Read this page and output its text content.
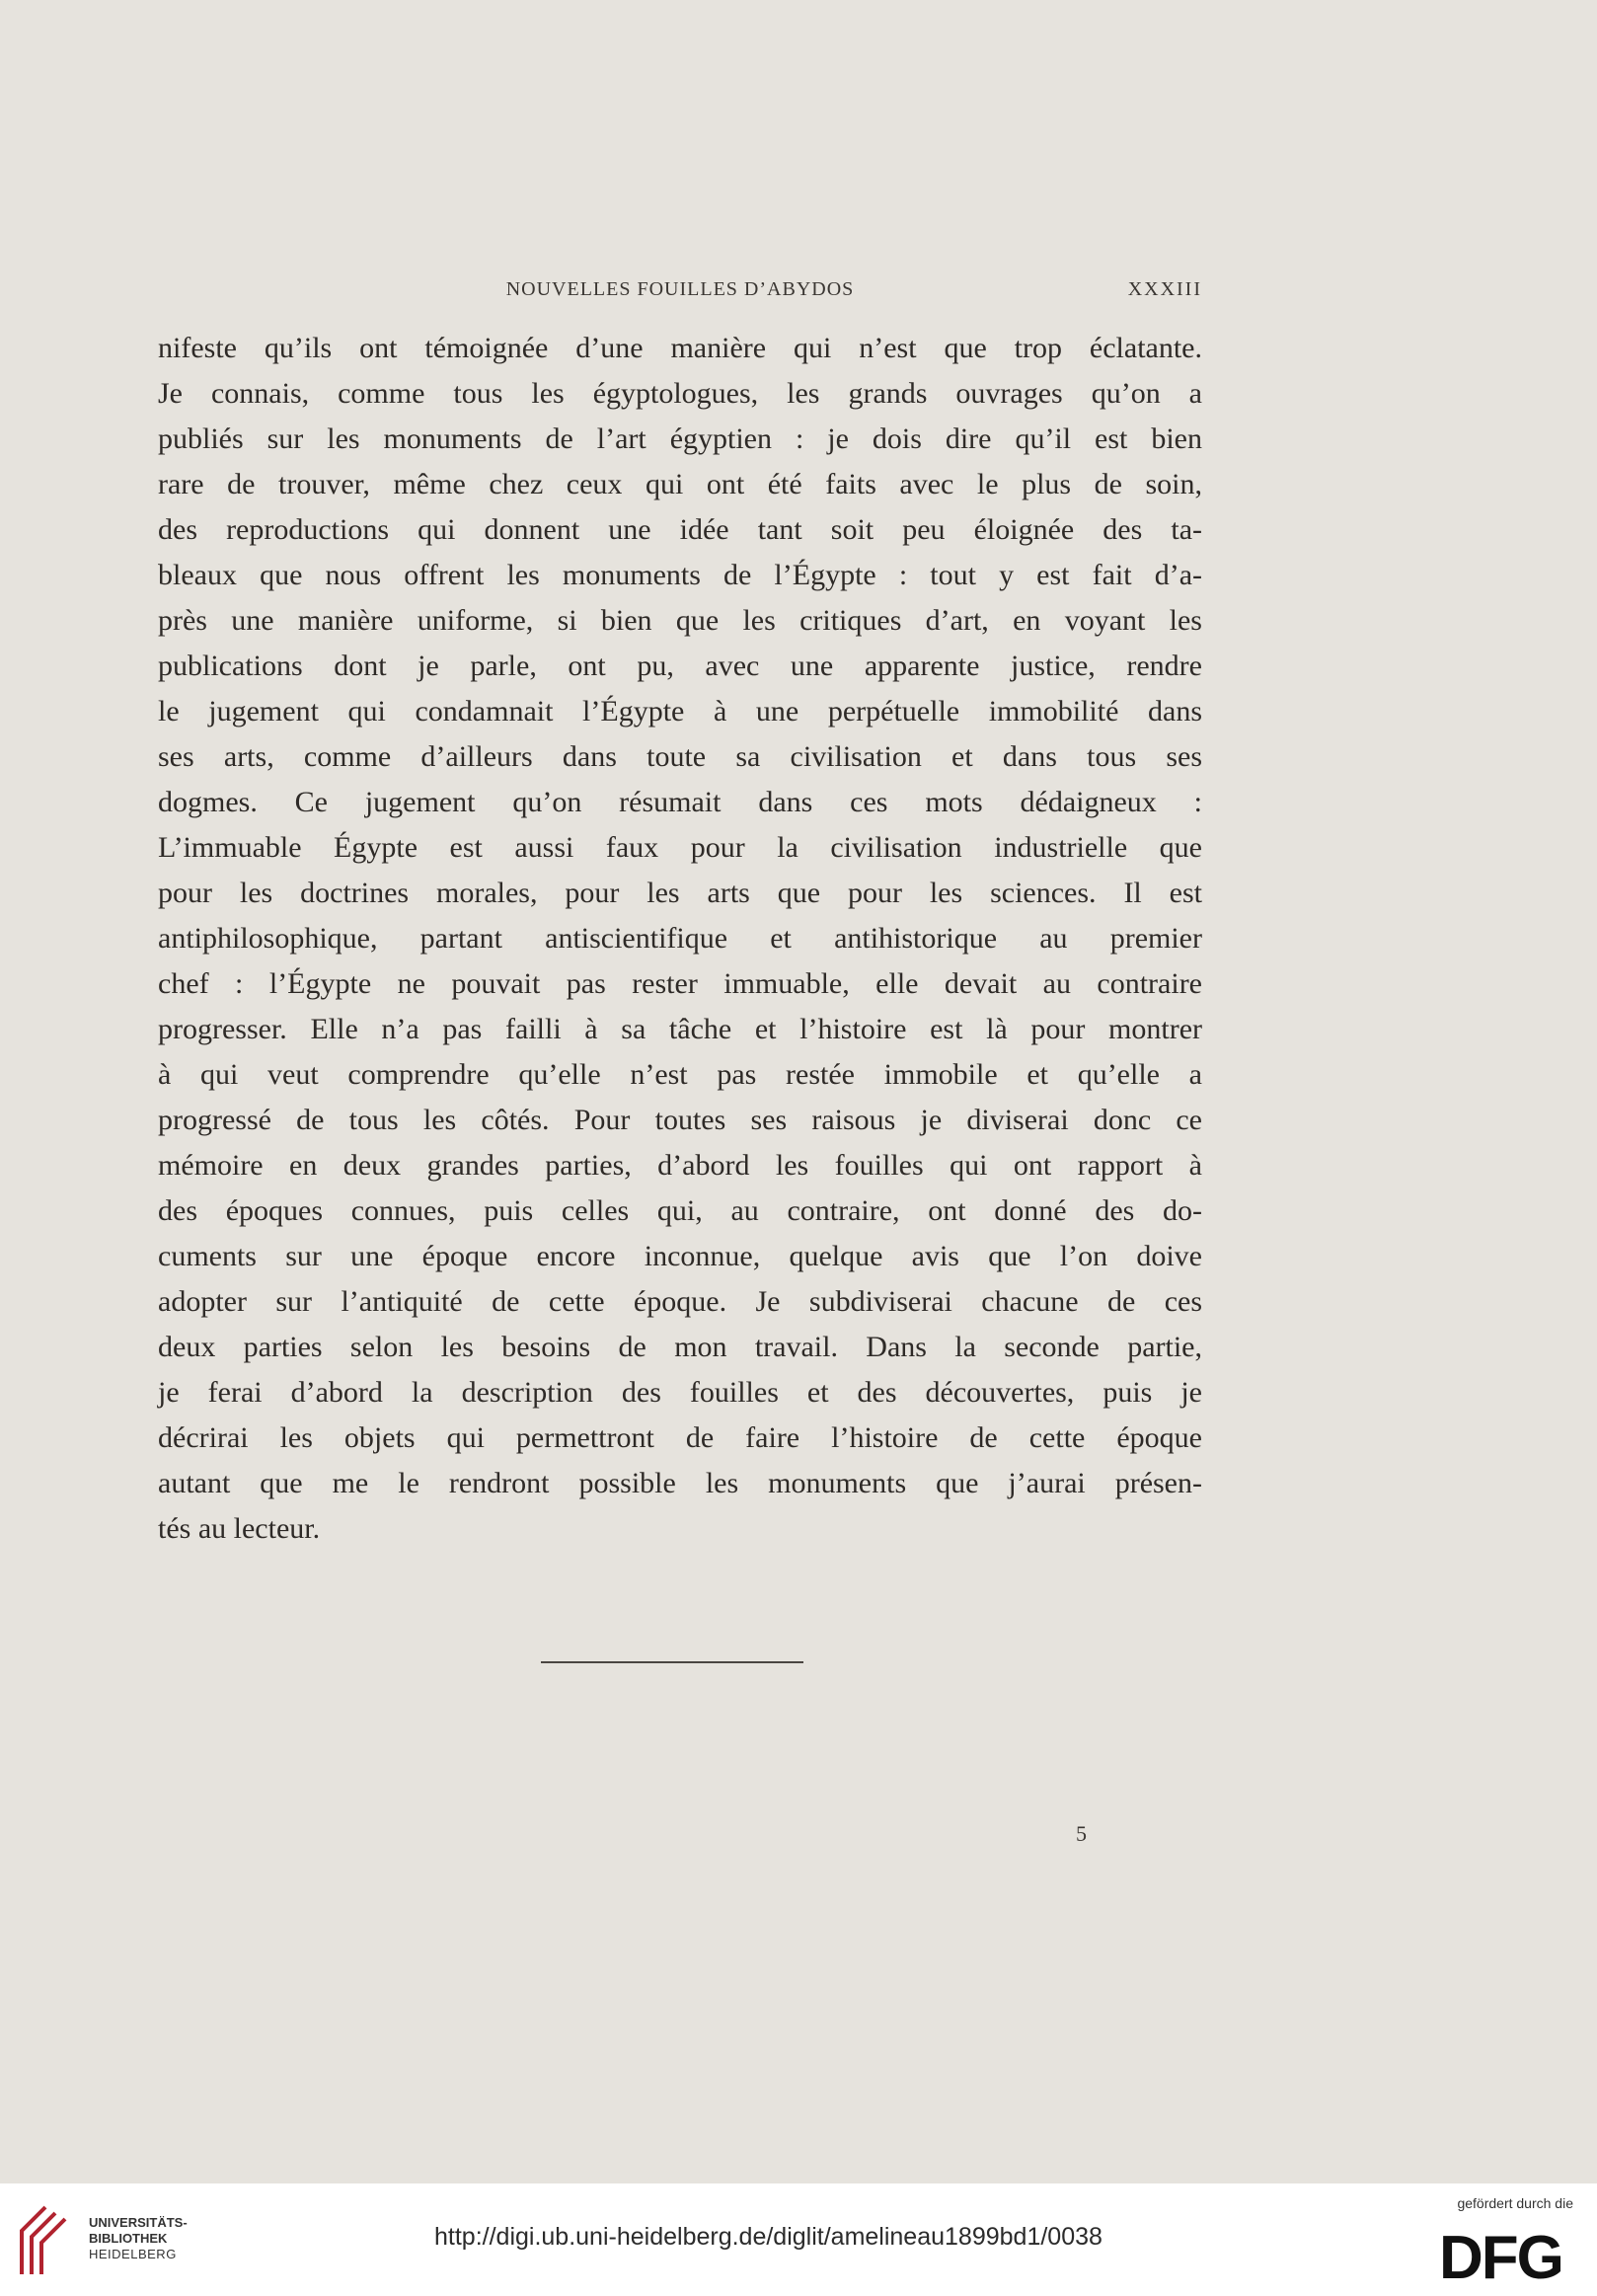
NOUVELLES FOUILLES D’ABYDOS	XXXIII
nifeste qu’ils ont témoignée d’une manière qui n’est que trop éclatante.
Je connais, comme tous les égyptologues, les grands ouvrages qu’on a
publiés sur les monuments de l’art égyptien : je dois dire qu’il est bien
rare de trouver, même chez ceux qui ont été faits avec le plus de soin,
des reproductions qui donnent une idée tant soit peu éloignée des ta-
bleaux que nous offrent les monuments de l’Égypte : tout y est fait d’a-
près une manière uniforme, si bien que les critiques d’art, en voyant les
publications dont je parle, ont pu, avec une apparente justice, rendre
le jugement qui condamnait l’Égypte à une perpétuelle immobilité dans
ses arts, comme d’ailleurs dans toute sa civilisation et dans tous ses
dogmes. Ce jugement qu’on résumait dans ces mots dédaigneux :
L’immuable Égypte est aussi faux pour la civilisation industrielle que
pour les doctrines morales, pour les arts que pour les sciences. Il est
antiphilosophique, partant antiscientifique et antihistorique au premier
chef : l’Égypte ne pouvait pas rester immuable, elle devait au contraire
progresser. Elle n’a pas failli à sa tâche et l’histoire est là pour montrer
à qui veut comprendre qu’elle n’est pas restée immobile et qu’elle a
progressé de tous les côtés. Pour toutes ses raisous je diviserai donc ce
mémoire en deux grandes parties, d’abord les fouilles qui ont rapport à
des époques connues, puis celles qui, au contraire, ont donné des do-
cuments sur une époque encore inconnue, quelque avis que l’on doive
adopter sur l’antiquité de cette époque. Je subdiviserai chacune de ces
deux parties selon les besoins de mon travail. Dans la seconde partie,
je ferai d’abord la description des fouilles et des découvertes, puis je
décrirai les objets qui permettront de faire l’histoire de cette époque
autant que me le rendront possible les monuments que j’aurai présen-
tés au lecteur.
5
UNIVERSITÄTS-
BIBLIOTHEK
HEIDELBERG
http://digi.ub.uni-heidelberg.de/diglit/amelineau1899bd1/0038
gefördert durch die
DFG
